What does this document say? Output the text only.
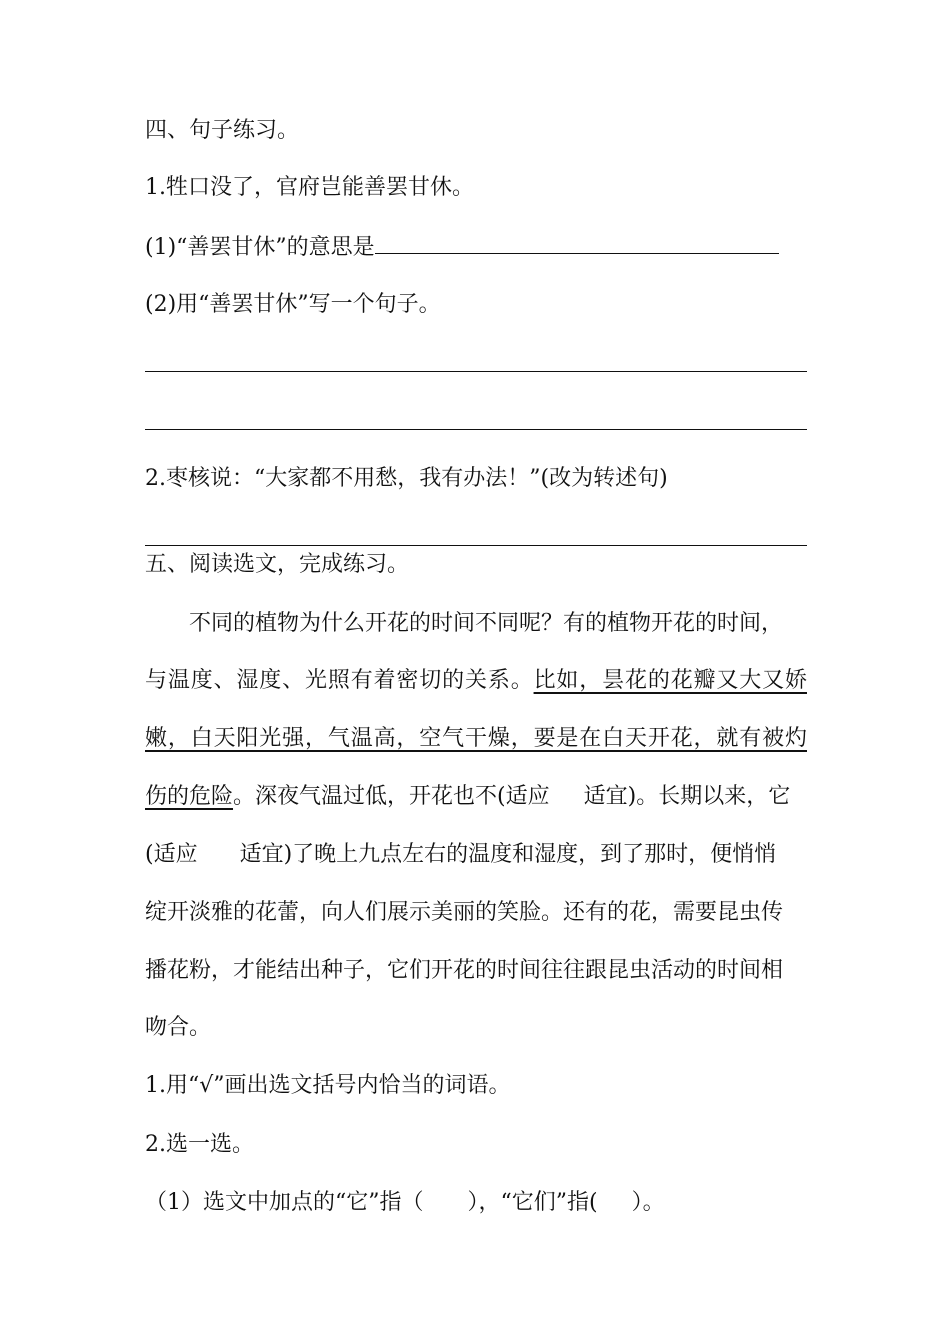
四、句子练习。
1.牲口没了，官府岂能善罢甘休。
(1)“善罢甘休”的意思是
(2)用“善罢甘休”写一个句子。
2.枣核说：“大家都不用愁，我有办法！”(改为转述句)
五、阅读选文，完成练习。
不同的植物为什么开花的时间不同呢？有的植物开花的时间，
与温度、湿度、光照有着密切的关系。比如，昙花的花瓣又大又娇
嫩，白天阳光强，气温高，空气干燥，要是在白天开花，就有被灼
伤的危险。深夜气温过低，开花也不(适应 适宜)。长期以来，它
(适应 适宜)了晚上九点左右的温度和湿度，到了那时，便悄悄
绽开淡雅的花蕾，向人们展示美丽的笑脸。还有的花，需要昆虫传
播花粉，才能结出种子，它们开花的时间往往跟昆虫活动的时间相
吻合。
1.用“√”画出选文括号内恰当的词语。
2.选一选。
（1）选文中加点的“它”指（ ），“它们”指( ）。
